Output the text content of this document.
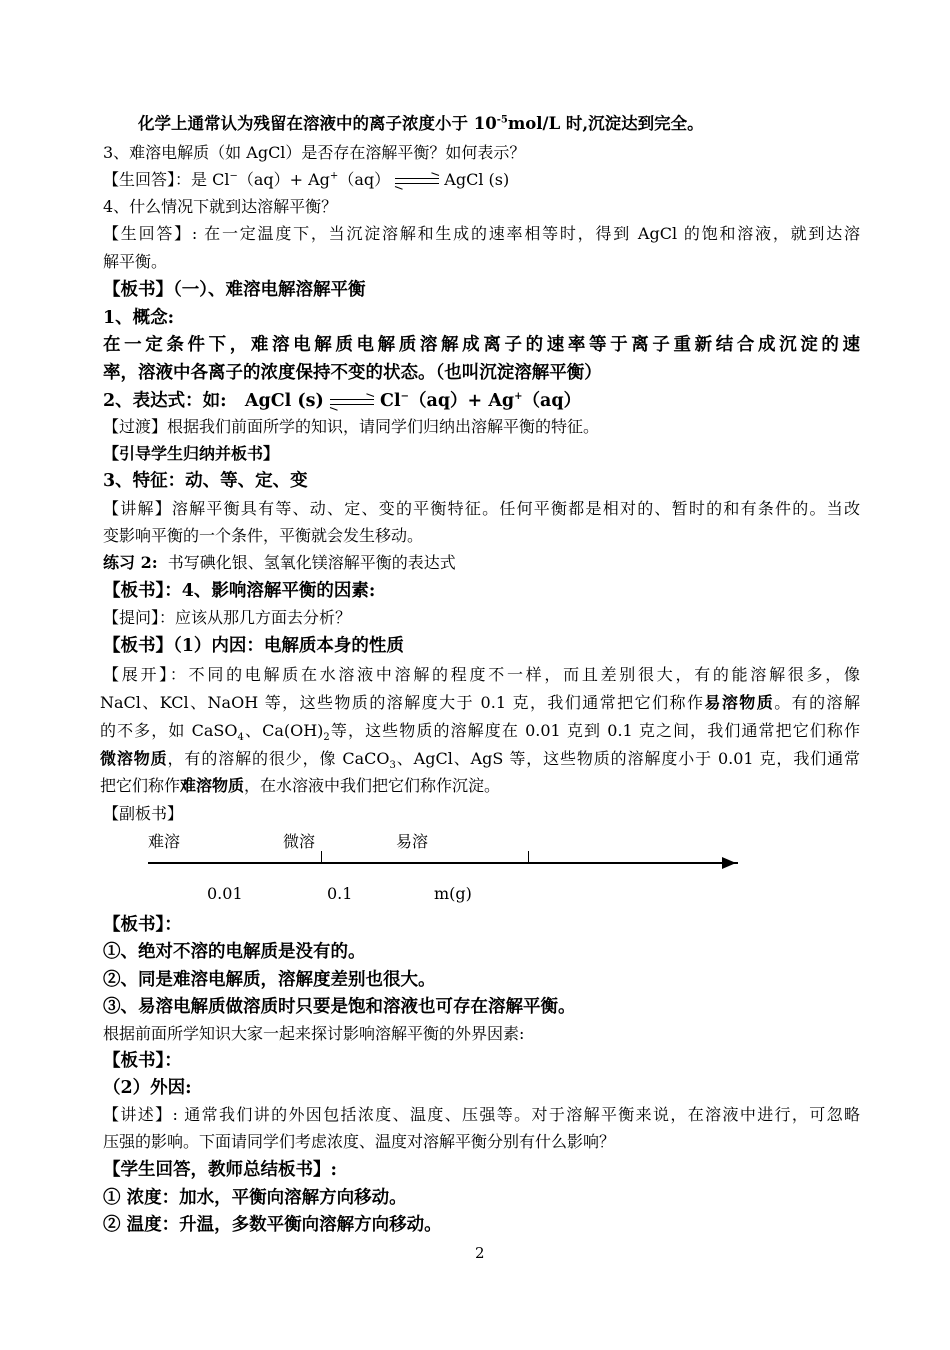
化学上通常认为残留在溶液中的离子浓度小于 $10^{-5}mol/L$ 时,沉淀达到完全。
3、难溶电解质（如 AgCl）是否存在溶解平衡？如何表示？
【生回答】：是 Cl−（aq）+ Ag+（aq）	AgCl (s)
4、什么情况下就到达溶解平衡？
【生回答】: 在一定温度下，当沉淀溶解和生成的速率相等时，得到 AgCl 的饱和溶液，就到达溶
解平衡。
【板书】（一）、难溶电解溶解平衡
1、概念:
在一定条件下，难溶电解质电解质溶解成离子的速率等于离子重新结合成沉淀的速
率，溶液中各离子的浓度保持不变的状态。（也叫沉淀溶解平衡）
2、表达式：如: AgCl (s)	Cl−（aq）+ Ag+（aq）
【过渡】根据我们前面所学的知识，请同学们归纳出溶解平衡的特征。
【引导学生归纳并板书】
3、特征：动、等、定、变
【讲解】溶解平衡具有等、动、定、变的平衡特征。任何平衡都是相对的、暂时的和有条件的。当改
变影响平衡的一个条件，平衡就会发生移动。
练习 2: 书写碘化银、氢氧化镁溶解平衡的表达式
【板书】：4、影响溶解平衡的因素:
【提问】：应该从那几方面去分析？
【板书】（1）内因：电解质本身的性质
【展开】：不同的电解质在水溶液中溶解的程度不一样，而且差别很大，有的能溶解很多，像
NaCl、KCl、NaOH 等，这些物质的溶解度大于 0.1 克，我们通常把它们称作易溶物质。有的溶解
的不多，如 CaSO$_4$、$Ca(OH)_2$等，这些物质的溶解度在 0.01 克到 0.1 克之间，我们通常把它们称作
微溶物质，有的溶解的很少，像 CaCO$_3$、AgCl、AgS 等，这些物质的溶解度小于 0.01 克，我们通常
把它们称作难溶物质，在水溶液中我们把它们称作沉淀。
【副板书】
难溶	微溶	易溶
0.01	0.1	m(g)
【板书】：
①、绝对不溶的电解质是没有的。
②、同是难溶电解质，溶解度差别也很大。
③、易溶电解质做溶质时只要是饱和溶液也可存在溶解平衡。
根据前面所学知识大家一起来探讨影响溶解平衡的外界因素:
【板书】：
（2）外因:
【讲述】: 通常我们讲的外因包括浓度、温度、压强等。对于溶解平衡来说，在溶液中进行，可忽略
压强的影响。下面请同学们考虑浓度、温度对溶解平衡分别有什么影响？
【学生回答，教师总结板书】:
① 浓度：加水，平衡向溶解方向移动。
② 温度：升温，多数平衡向溶解方向移动。
2
